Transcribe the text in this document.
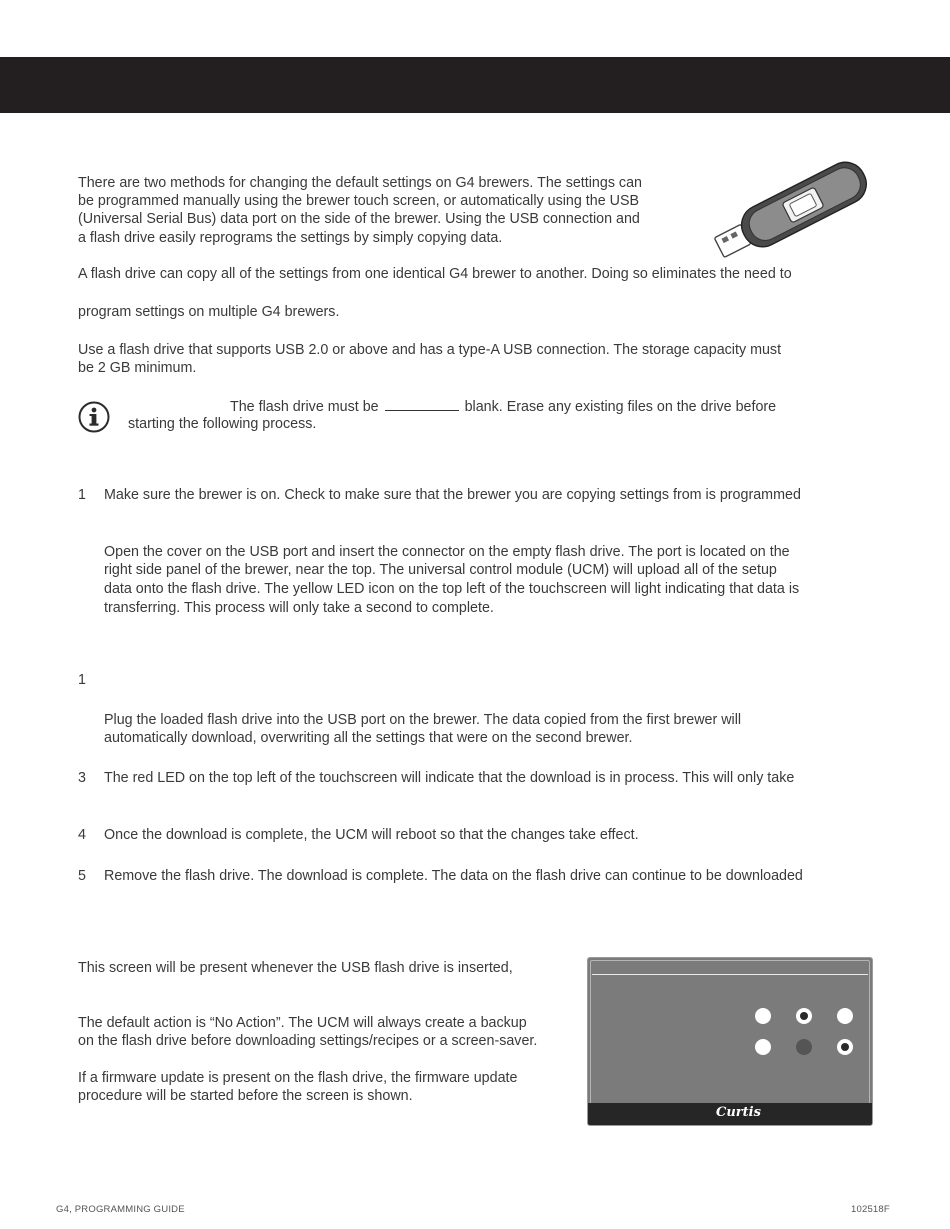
There are two methods for changing the default settings on G4 brewers. The settings can
be programmed manually using the brewer touch screen, or automatically using the USB
(Universal Serial Bus) data port on the side of the brewer. Using the USB connection and
a flash drive easily reprograms the settings by simply copying data.
A flash drive can copy all of the settings from one identical G4 brewer to another. Doing so eliminates the need to
program settings on multiple G4 brewers.
Use a flash drive that supports USB 2.0 or above and has a type-A USB connection. The storage capacity must
be 2 GB minimum.
The flash drive must be	blank. Erase any existing files on the drive before
starting the following process.
1 Make sure the brewer is on. Check to make sure that the brewer you are copying settings from is programmed
Open the cover on the USB port and insert the connector on the empty flash drive. The port is located on the
right side panel of the brewer, near the top. The universal control module (UCM) will upload all of the setup
data onto the flash drive. The yellow LED icon on the top left of the touchscreen will light indicating that data is
transferring. This process will only take a second to complete.
1
Plug the loaded flash drive into the USB port on the brewer. The data copied from the first brewer will
automatically download, overwriting all the settings that were on the second brewer.
3 The red LED on the top left of the touchscreen will indicate that the download is in process. This will only take
4 Once the download is complete, the UCM will reboot so that the changes take effect.
5 Remove the flash drive. The download is complete. The data on the flash drive can continue to be downloaded
This screen will be present whenever the USB flash drive is inserted,
The default action is “No Action”. The UCM will always create a backup
on the flash drive before downloading settings/recipes or a screen-saver.
If a firmware update is present on the flash drive, the firmware update
procedure will be started before the screen is shown.
Curtis
G4, PROGRAMMING GUIDE	102518F
